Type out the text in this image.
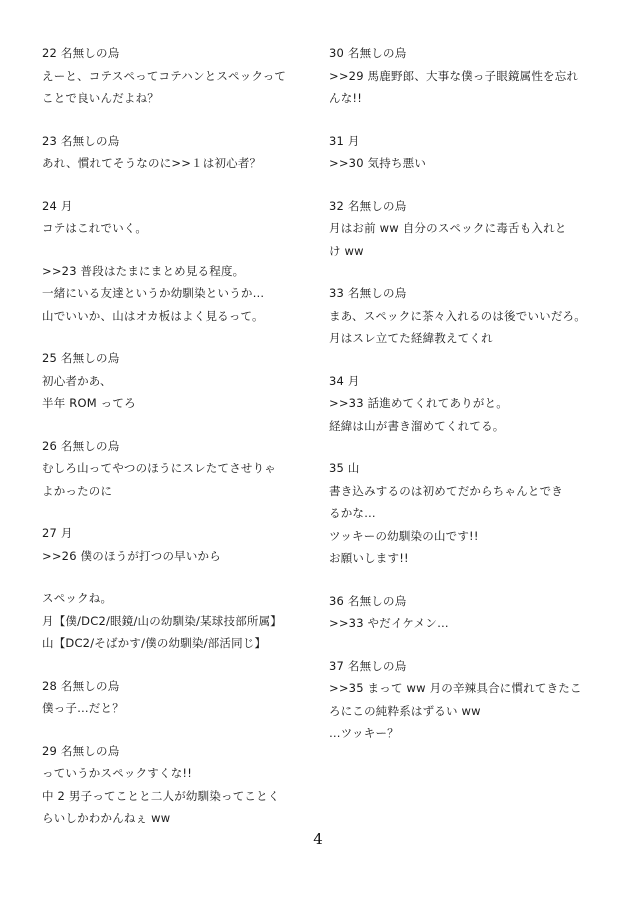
22 名無しの烏
えーと、コテスペってコテハンとスペックって
ことで良いんだよね？
23 名無しの烏
あれ、慣れてそうなのに>>１は初心者？
24 月
コテはこれでいく。
>>23 普段はたまにまとめ見る程度。
一緒にいる友達というか幼馴染というか…
山でいいか、山はオカ板はよく見るって。
25 名無しの烏
初心者かあ、
半年 ROM ってろ
26 名無しの烏
むしろ山ってやつのほうにスレたてさせりゃ
よかったのに
27 月
>>26 僕のほうが打つの早いから
スペックね。
月【僕/DC2/眼鏡/山の幼馴染/某球技部所属】
山【DC2/そばかす/僕の幼馴染/部活同じ】
28 名無しの烏
僕っ子…だと？
29 名無しの烏
っていうかスペックすくな!!
中 2 男子ってことと二人が幼馴染ってことく
らいしかわかんねぇ ww
30 名無しの烏
>>29 馬鹿野郎、大事な僕っ子眼鏡属性を忘れ
んな!!
31 月
>>30 気持ち悪い
32 名無しの烏
月はお前 ww 自分のスペックに毒舌も入れと
け ww
33 名無しの烏
まあ、スペックに茶々入れるのは後でいいだろ。
月はスレ立てた経緯教えてくれ
34 月
>>33 話進めてくれてありがと。
経緯は山が書き溜めてくれてる。
35 山
書き込みするのは初めてだからちゃんとでき
るかな…
ツッキーの幼馴染の山です!!
お願いします!!
36 名無しの烏
>>33 やだイケメン…
37 名無しの烏
>>35 まって ww 月の辛辣具合に慣れてきたこ
ろにこの純粋系はずるい ww
…ツッキー？
4
